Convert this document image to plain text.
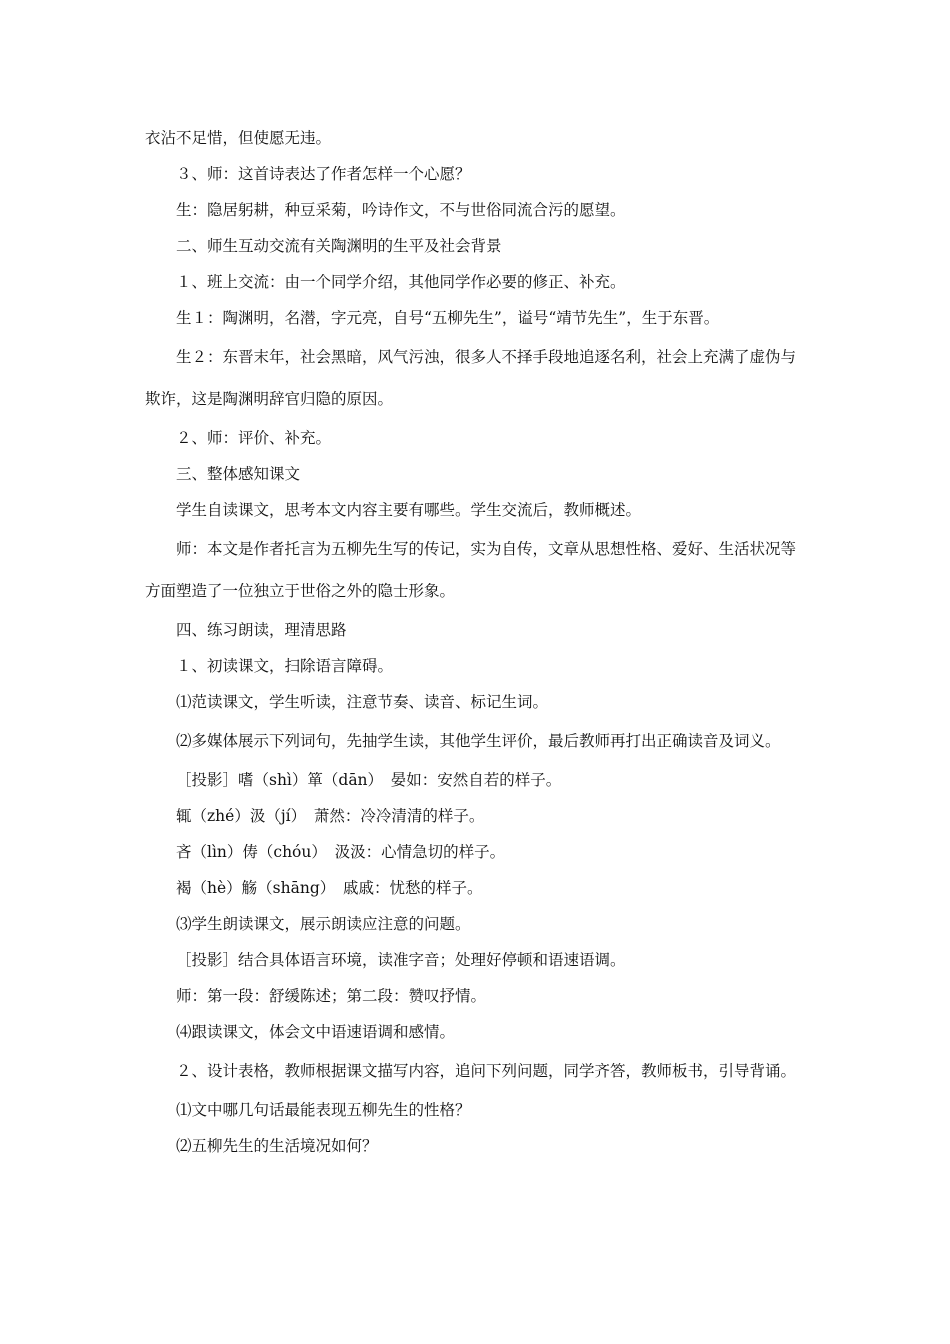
衣沾不足惜，但使愿无违。

３、师：这首诗表达了作者怎样一个心愿？

生：隐居躬耕，种豆采菊，吟诗作文，不与世俗同流合污的愿望。

二、师生互动交流有关陶渊明的生平及社会背景

１、班上交流：由一个同学介绍，其他同学作必要的修正、补充。

生１：陶渊明，名潜，字元亮，自号“五柳先生”，谥号“靖节先生”，生于东晋。

生２：东晋末年，社会黑暗，风气污浊，很多人不择手段地追逐名利，社会上充满了虚伪与欺诈，这是陶渊明辞官归隐的原因。

２、师：评价、补充。

三、整体感知课文

学生自读课文，思考本文内容主要有哪些。学生交流后，教师概述。

师：本文是作者托言为五柳先生写的传记，实为自传，文章从思想性格、爱好、生活状况等方面塑造了一位独立于世俗之外的隐士形象。

四、练习朗读，理清思路

１、初读课文，扫除语言障碍。

⑴范读课文，学生听读，注意节奏、读音、标记生词。

⑵多媒体展示下列词句，先抽学生读，其他学生评价，最后教师再打出正确读音及词义。

［投影］嗜（shì）箪（dān）　晏如：安然自若的样子。

辄（zhé）汲（jí）　萧然：冷冷清清的样子。

吝（lìn）俦（chóu）　汲汲：心情急切的样子。

褐（hè）觞（shāng）　戚戚：忧愁的样子。

⑶学生朗读课文，展示朗读应注意的问题。

［投影］结合具体语言环境，读准字音；处理好停顿和语速语调。

师：第一段：舒缓陈述；第二段：赞叹抒情。

⑷跟读课文，体会文中语速语调和感情。

２、设计表格，教师根据课文描写内容，追问下列问题，同学齐答，教师板书，引导背诵。

⑴文中哪几句话最能表现五柳先生的性格？

⑵五柳先生的生活境况如何？
